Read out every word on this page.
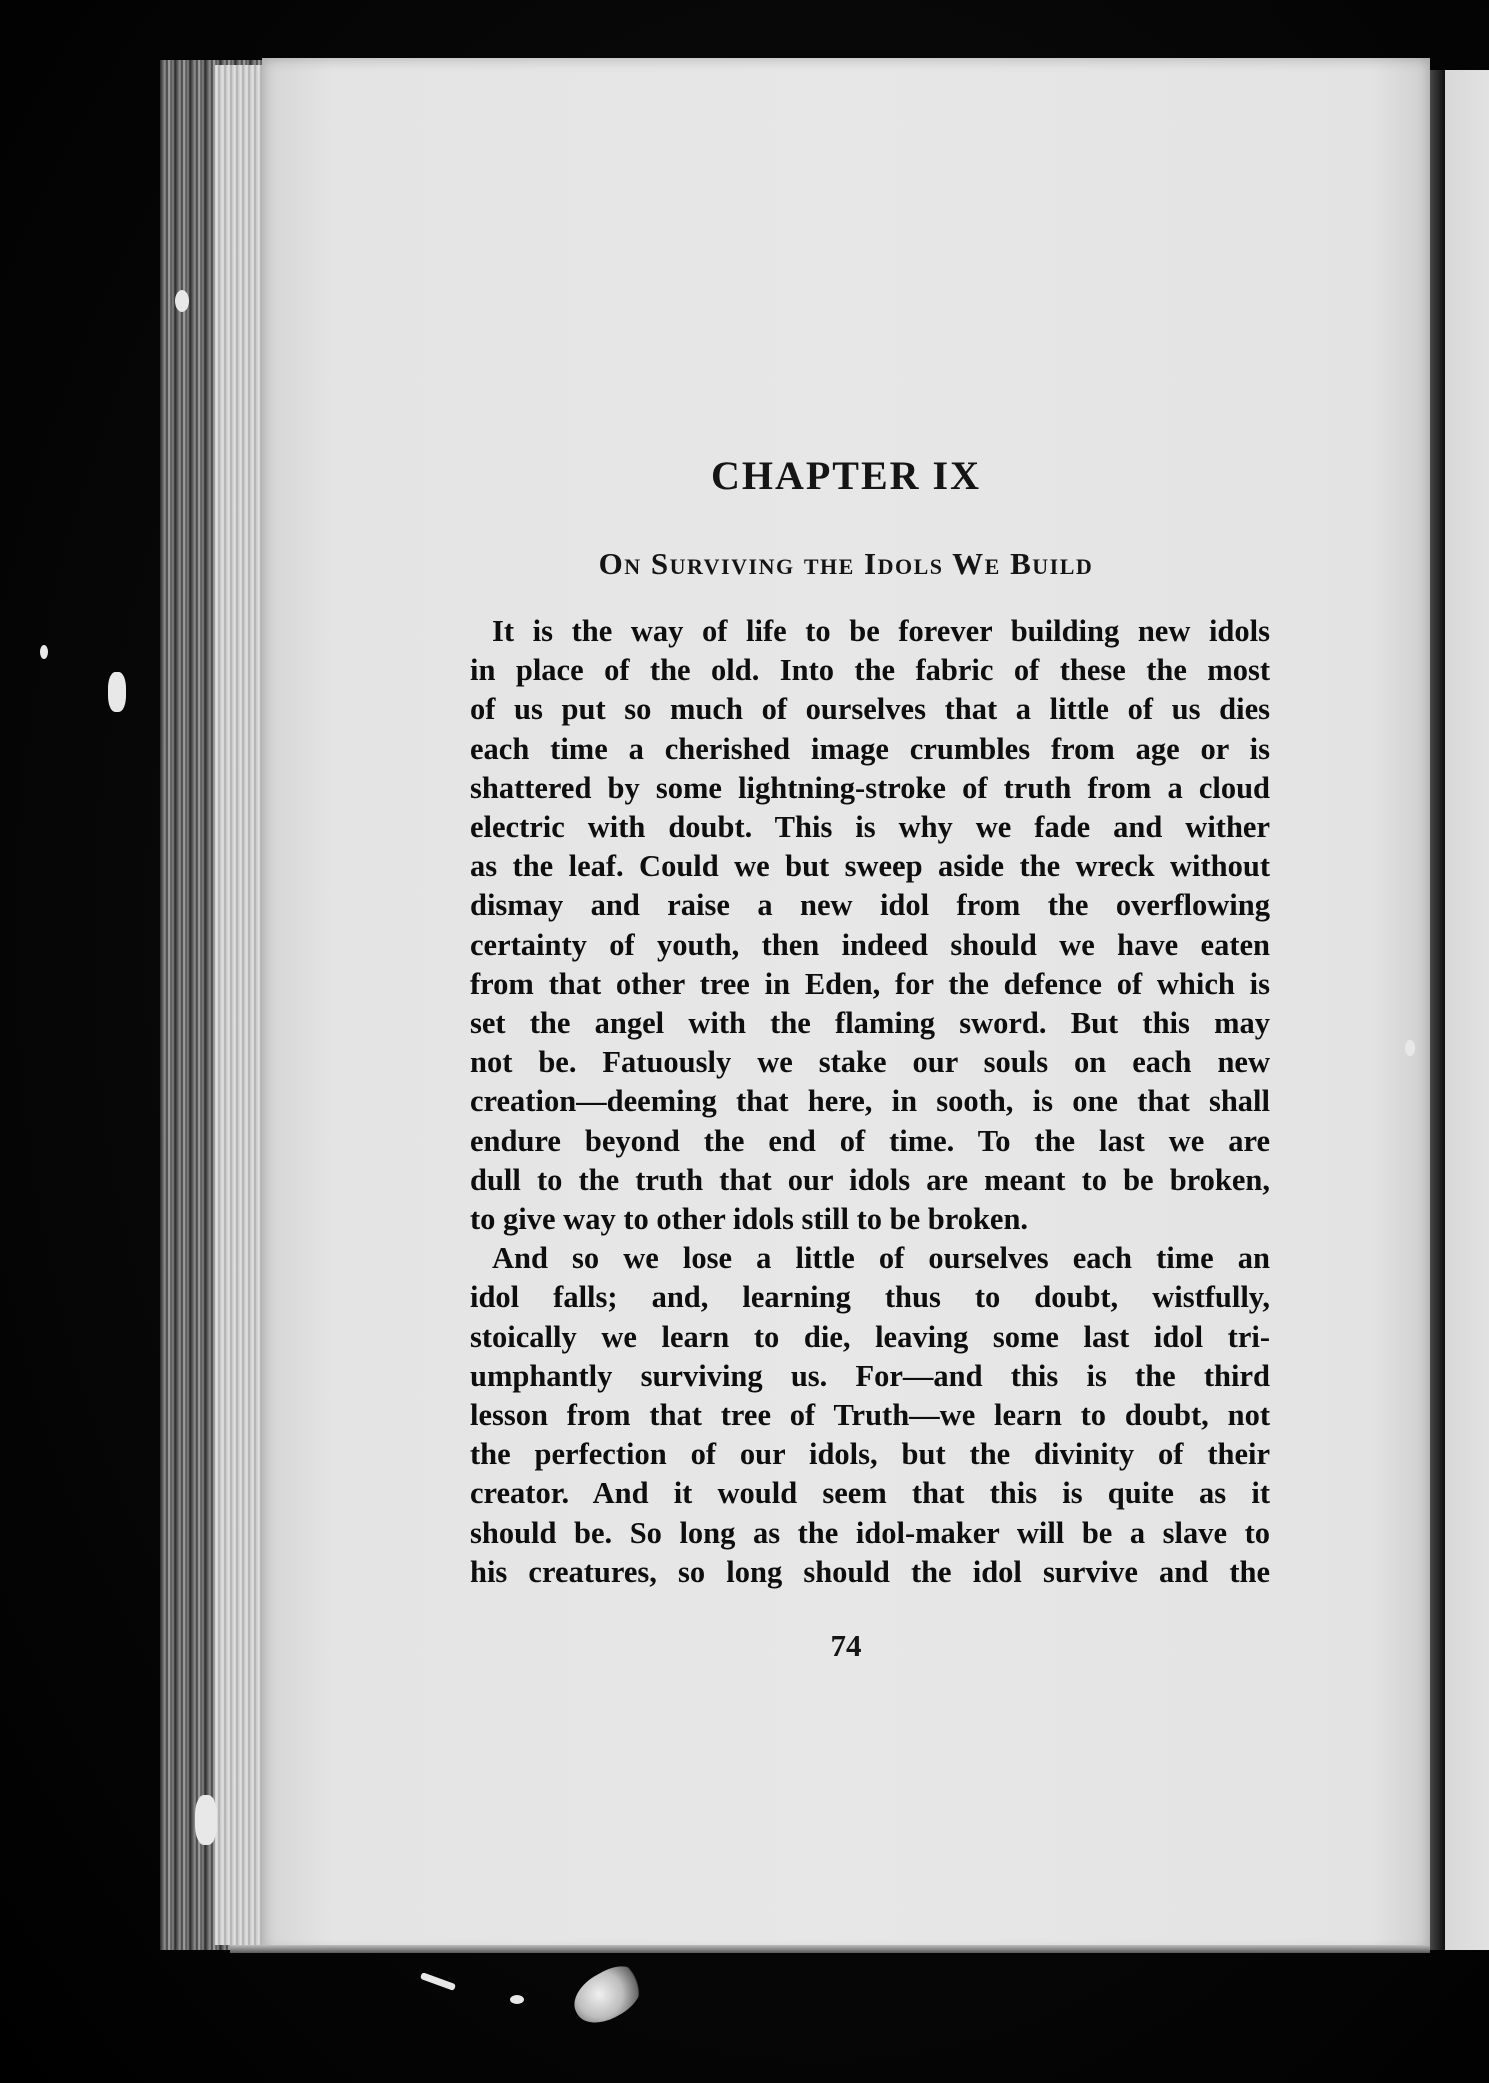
CHAPTER IX
On Surviving the Idols We Build

It is the way of life to be forever building new idols
in place of the old. Into the fabric of these the most
of us put so much of ourselves that a little of us dies
each time a cherished image crumbles from age or is
shattered by some lightning-stroke of truth from a cloud
electric with doubt. This is why we fade and wither
as the leaf. Could we but sweep aside the wreck without
dismay and raise a new idol from the overflowing
certainty of youth, then indeed should we have eaten
from that other tree in Eden, for the defence of which is
set the angel with the flaming sword. But this may
not be. Fatuously we stake our souls on each new
creation—deeming that here, in sooth, is one that shall
endure beyond the end of time. To the last we are
dull to the truth that our idols are meant to be broken,
to give way to other idols still to be broken.

And so we lose a little of ourselves each time an
idol falls; and, learning thus to doubt, wistfully,
stoically we learn to die, leaving some last idol tri-
umphantly surviving us. For—and this is the third
lesson from that tree of Truth—we learn to doubt, not
the perfection of our idols, but the divinity of their
creator. And it would seem that this is quite as it
should be. So long as the idol-maker will be a slave to
his creatures, so long should the idol survive and the

74
